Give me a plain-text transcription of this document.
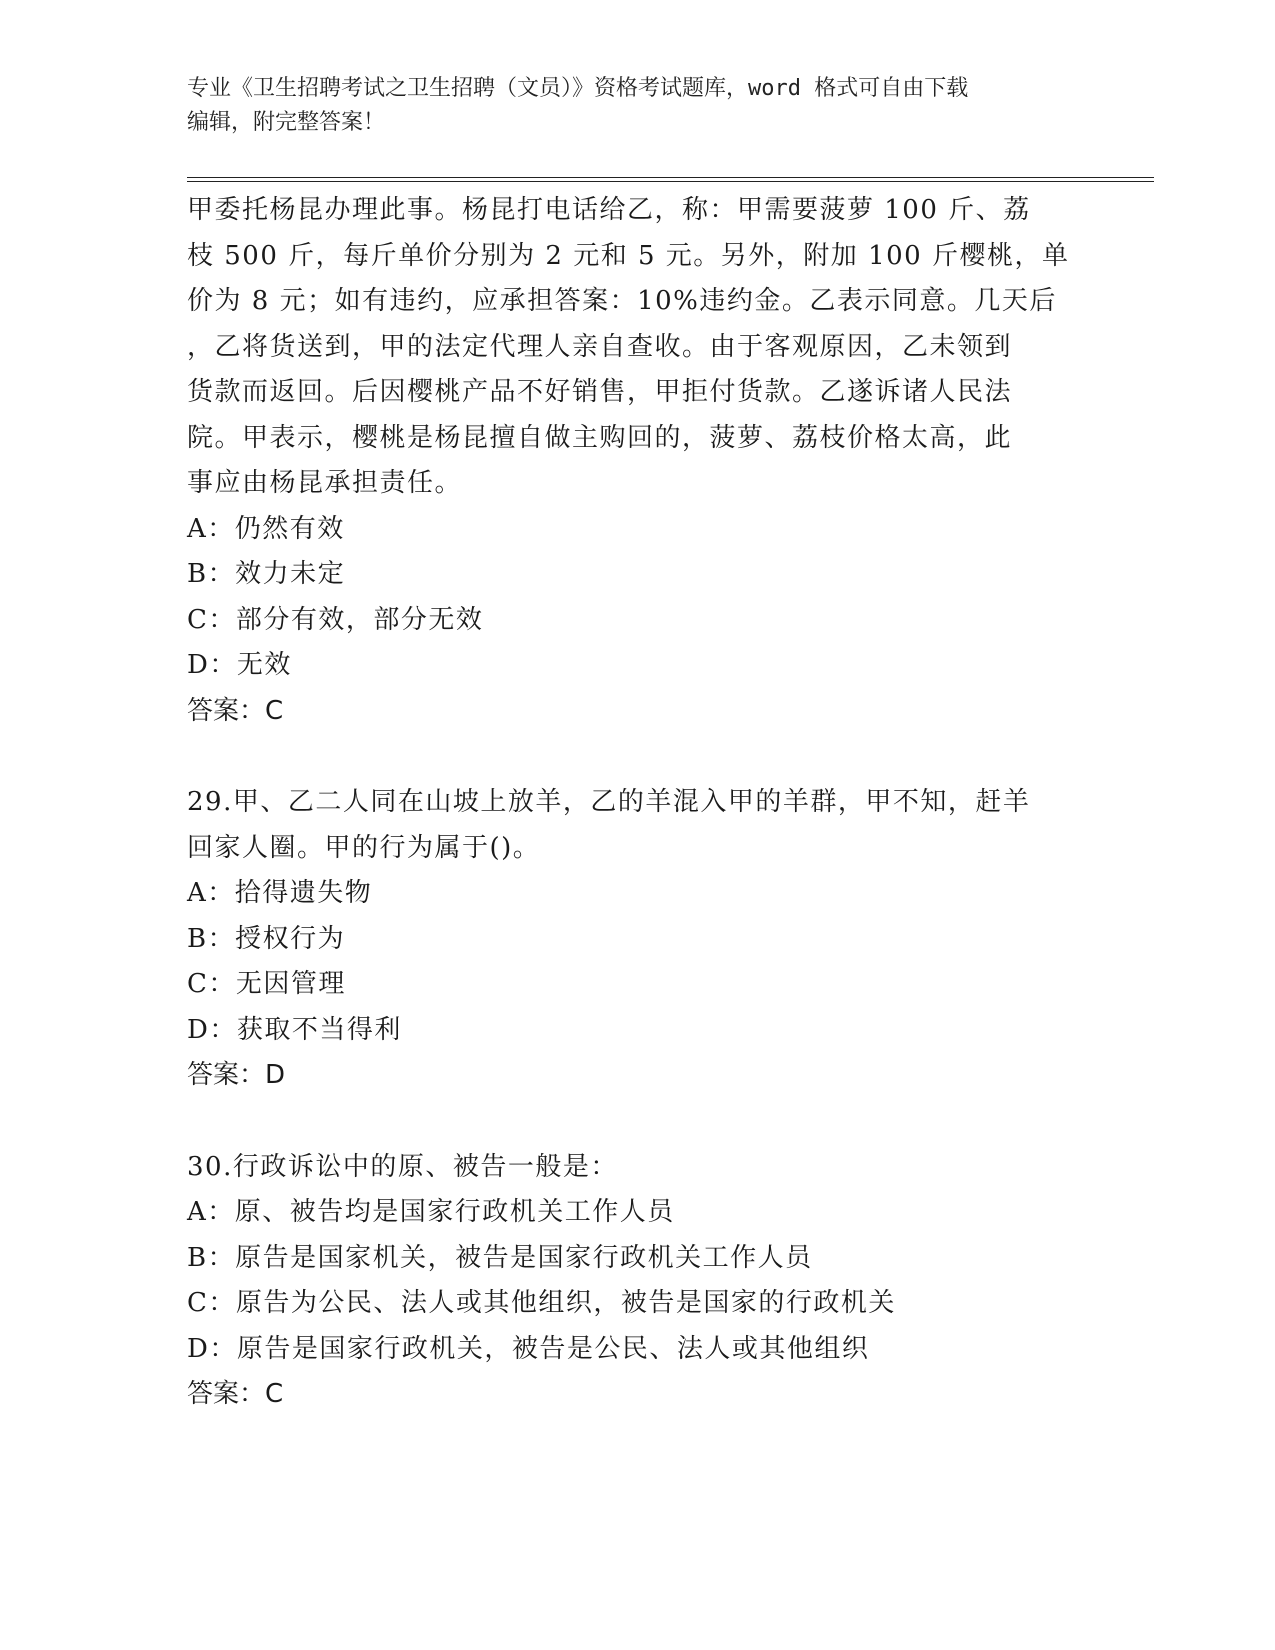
专业《卫生招聘考试之卫生招聘（文员）》资格考试题库，word 格式可自由下载
编辑，附完整答案！

甲委托杨昆办理此事。杨昆打电话给乙，称：甲需要菠萝 100 斤、荔

枝 500 斤，每斤单价分别为 2 元和 5 元。另外，附加 100 斤樱桃，单

价为 8 元；如有违约，应承担答案：10%违约金。乙表示同意。几天后

，乙将货送到，甲的法定代理人亲自查收。由于客观原因，乙未领到

货款而返回。后因樱桃产品不好销售，甲拒付货款。乙遂诉诸人民法

院。甲表示，樱桃是杨昆擅自做主购回的，菠萝、荔枝价格太高，此

事应由杨昆承担责任。

A：仍然有效

B：效力未定

C：部分有效，部分无效

D：无效

答案：C

29.甲、乙二人同在山坡上放羊，乙的羊混入甲的羊群，甲不知，赶羊

回家人圈。甲的行为属于()。

A：拾得遗失物

B：授权行为

C：无因管理

D：获取不当得利

答案：D

30.行政诉讼中的原、被告一般是：

A：原、被告均是国家行政机关工作人员

B：原告是国家机关，被告是国家行政机关工作人员

C：原告为公民、法人或其他组织，被告是国家的行政机关

D：原告是国家行政机关，被告是公民、法人或其他组织

答案：C
